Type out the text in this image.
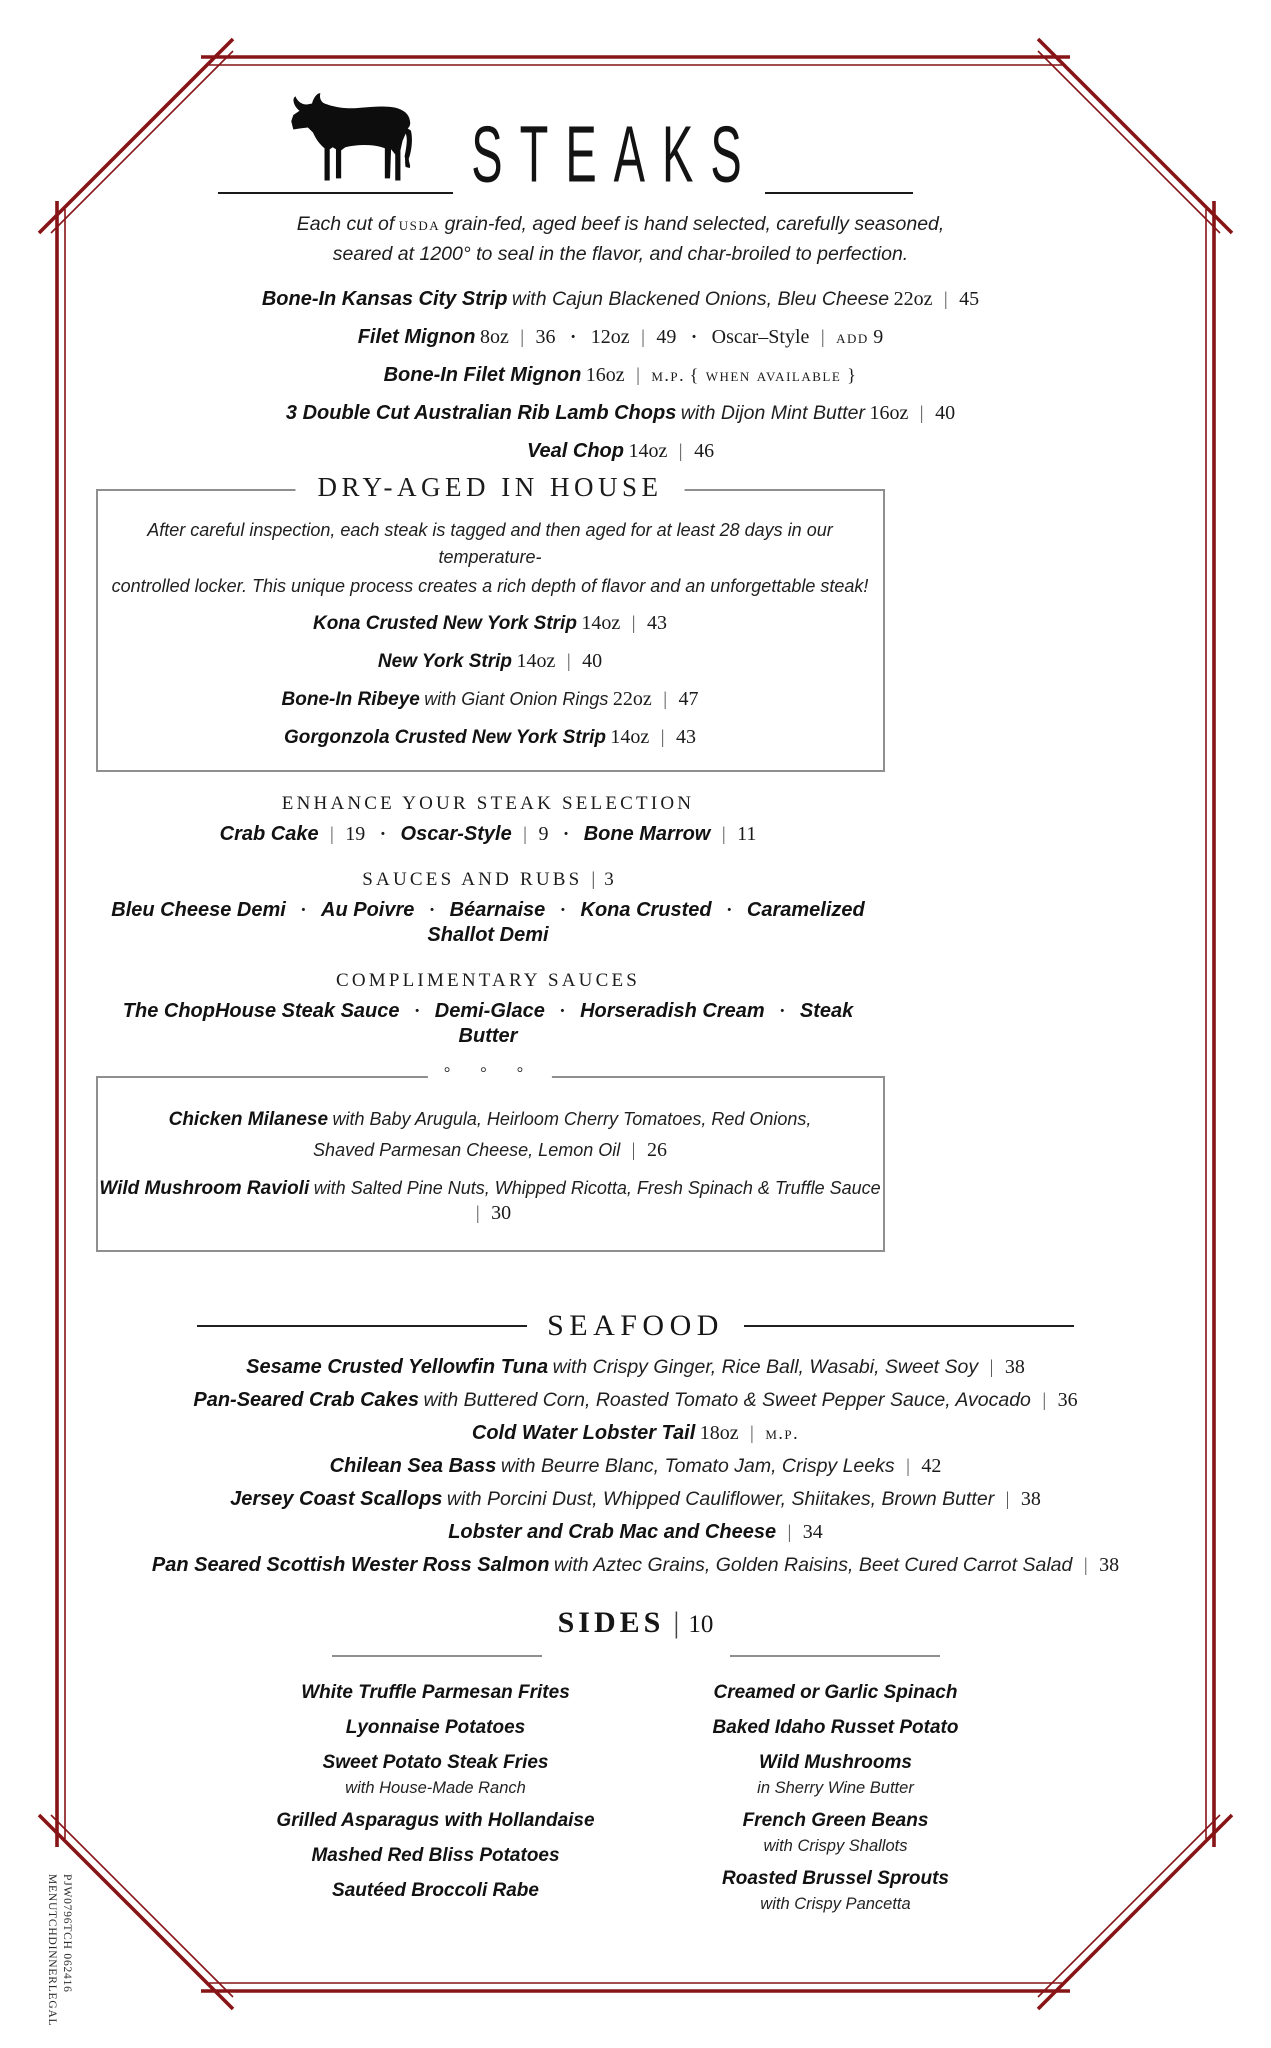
STEAKS
Each cut of usda grain-fed, aged beef is hand selected, carefully seasoned,
seared at 1200° to seal in the flavor, and char-broiled to perfection.
Bone-In Kansas City Strip with Cajun Blackened Onions, Bleu Cheese 22oz | 45
Filet Mignon 8oz | 36 · 12oz | 49 · Oscar–Style | add 9
Bone-In Filet Mignon 16oz | m.p. { when available }
3 Double Cut Australian Rib Lamb Chops with Dijon Mint Butter 16oz | 40
Veal Chop 14oz | 46
DRY-AGED IN HOUSE
After careful inspection, each steak is tagged and then aged for at least 28 days in our temperature-
controlled locker. This unique process creates a rich depth of flavor and an unforgettable steak!
Kona Crusted New York Strip 14oz | 43
New York Strip 14oz | 40
Bone-In Ribeye with Giant Onion Rings 22oz | 47
Gorgonzola Crusted New York Strip 14oz | 43
ENHANCE YOUR STEAK SELECTION
Crab Cake | 19 · Oscar-Style | 9 · Bone Marrow | 11
SAUCES AND RUBS | 3
Bleu Cheese Demi · Au Poivre · Béarnaise · Kona Crusted · Caramelized Shallot Demi
COMPLIMENTARY SAUCES
The ChopHouse Steak Sauce · Demi-Glace · Horseradish Cream · Steak Butter
° ° °
Chicken Milanese with Baby Arugula, Heirloom Cherry Tomatoes, Red Onions,
Shaved Parmesan Cheese, Lemon Oil | 26
Wild Mushroom Ravioli with Salted Pine Nuts, Whipped Ricotta, Fresh Spinach & Truffle Sauce | 30
SEAFOOD
Sesame Crusted Yellowfin Tuna with Crispy Ginger, Rice Ball, Wasabi, Sweet Soy | 38
Pan-Seared Crab Cakes with Buttered Corn, Roasted Tomato & Sweet Pepper Sauce, Avocado | 36
Cold Water Lobster Tail 18oz | m.p.
Chilean Sea Bass with Beurre Blanc, Tomato Jam, Crispy Leeks | 42
Jersey Coast Scallops with Porcini Dust, Whipped Cauliflower, Shiitakes, Brown Butter | 38
Lobster and Crab Mac and Cheese | 34
Pan Seared Scottish Wester Ross Salmon with Aztec Grains, Golden Raisins, Beet Cured Carrot Salad | 38
SIDES | 10
White Truffle Parmesan Frites
Lyonnaise Potatoes
Sweet Potato Steak Fries
with House-Made Ranch
Grilled Asparagus with Hollandaise
Mashed Red Bliss Potatoes
Sautéed Broccoli Rabe
Creamed or Garlic Spinach
Baked Idaho Russet Potato
Wild Mushrooms
in Sherry Wine Butter
French Green Beans
with Crispy Shallots
Roasted Brussel Sprouts
with Crispy Pancetta
PJW0796TCH 062416
MENUTCHDINNERLEGAL
